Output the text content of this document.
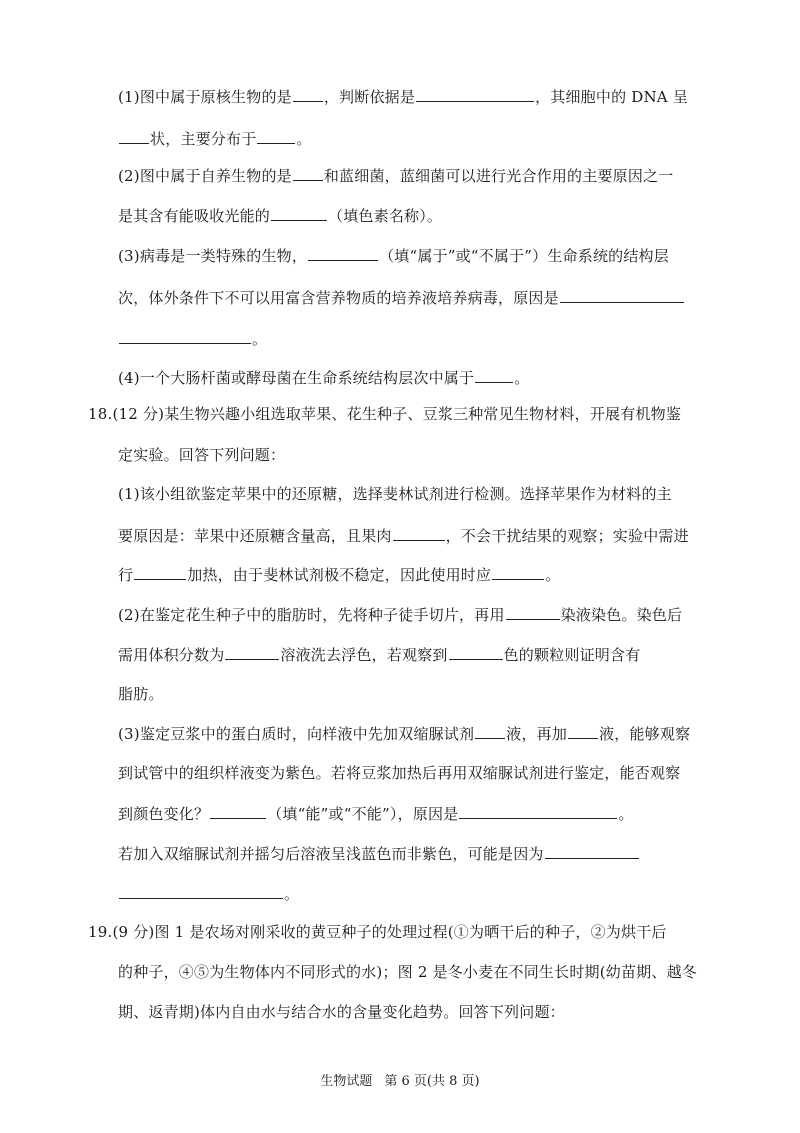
(1)图中属于原核生物的是 ，判断依据是	，其细胞中的 DNA 呈
状，主要分布于	。
(2)图中属于自养生物的是 和蓝细菌，蓝细菌可以进行光合作用的主要原因之一
是其含有能吸收光能的	（填色素名称）。
(3)病毒是一类特殊的生物，	（填“属于”或“不属于”）生命系统的结构层
次，体外条件下不可以用富含营养物质的培养液培养病毒，原因是
。
(4)一个大肠杆菌或酵母菌在生命系统结构层次中属于	。
18.(12 分)某生物兴趣小组选取苹果、花生种子、豆浆三种常见生物材料，开展有机物鉴
定实验。回答下列问题：
(1)该小组欲鉴定苹果中的还原糖，选择斐林试剂进行检测。选择苹果作为材料的主
要原因是：苹果中还原糖含量高，且果肉	，不会干扰结果的观察；实验中需进
行	加热，由于斐林试剂极不稳定，因此使用时应	。
(2)在鉴定花生种子中的脂肪时，先将种子徒手切片，再用	染液染色。染色后
需用体积分数为	溶液洗去浮色，若观察到	色的颗粒则证明含有
脂肪。
(3)鉴定豆浆中的蛋白质时，向样液中先加双缩脲试剂 液，再加 液，能够观察
到试管中的组织样液变为紫色。若将豆浆加热后再用双缩脲试剂进行鉴定，能否观察
到颜色变化？	（填“能”或“不能”），原因是	。
若加入双缩脲试剂并摇匀后溶液呈浅蓝色而非紫色，可能是因为
。
19.(9 分)图 1 是农场对刚采收的黄豆种子的处理过程(①为晒干后的种子，②为烘干后
的种子，④⑤为生物体内不同形式的水)；图 2 是冬小麦在不同生长时期(幼苗期、越冬
期、返青期)体内自由水与结合水的含量变化趋势。回答下列问题：
生物试题 第 6 页(共 8 页)
